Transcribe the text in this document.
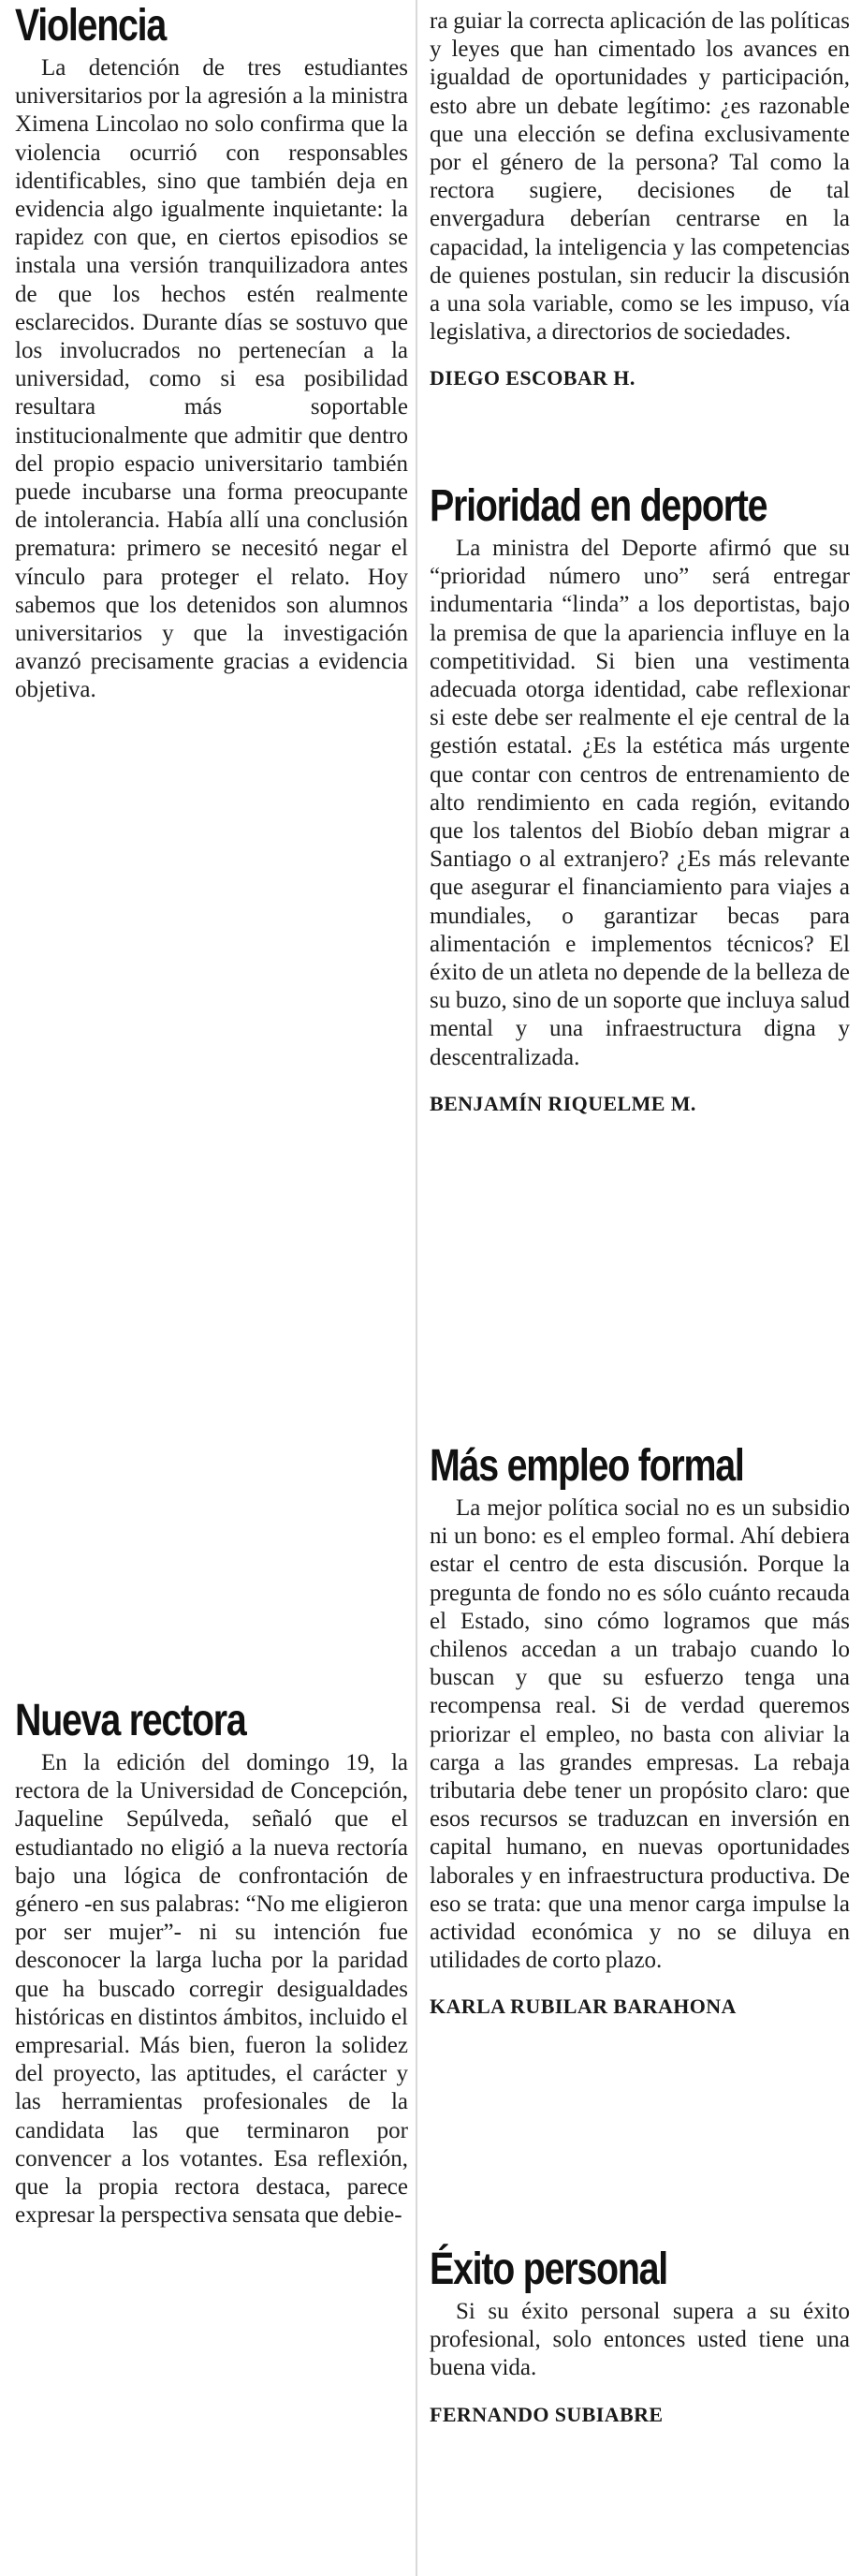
Violencia

La detención de tres estudiantes universitarios por la agresión a la ministra Ximena Lincolao no solo confirma que la violencia ocurrió con responsables identificables, sino que también deja en evidencia algo igualmente inquietante: la rapidez con que, en ciertos episodios se instala una versión tranquilizadora antes de que los hechos estén realmente esclarecidos. Durante días se sostuvo que los involucrados no pertenecían a la universidad, como si esa posibilidad resultara más soportable institucionalmente que admitir que dentro del propio espacio universitario también puede incubarse una forma preocupante de intolerancia. Había allí una conclusión prematura: primero se necesitó negar el vínculo para proteger el relato. Hoy sabemos que los detenidos son alumnos universitarios y que la investigación avanzó precisamente gracias a evidencia objetiva.

Nueva rectora

En la edición del domingo 19, la rectora de la Universidad de Concepción, Jaqueline Sepúlveda, señaló que el estudiantado no eligió a la nueva rectoría bajo una lógica de confrontación de género -en sus palabras: “No me eligieron por ser mujer”- ni su intención fue desconocer la larga lucha por la paridad que ha buscado corregir desigualdades históricas en distintos ámbitos, incluido el empresarial. Más bien, fueron la solidez del proyecto, las aptitudes, el carácter y las herramientas profesionales de la candidata las que terminaron por convencer a los votantes. Esa reflexión, que la propia rectora destaca, parece expresar la perspectiva sensata que debie-

ra guiar la correcta aplicación de las políticas y leyes que han cimentado los avances en igualdad de oportunidades y participación, esto abre un debate legítimo: ¿es razonable que una elección se defina exclusivamente por el género de la persona? Tal como la rectora sugiere, decisiones de tal envergadura deberían centrarse en la capacidad, la inteligencia y las competencias de quienes postulan, sin reducir la discusión a una sola variable, como se les impuso, vía legislativa, a directorios de sociedades.

DIEGO ESCOBAR H.

Prioridad en deporte

La ministra del Deporte afirmó que su “prioridad número uno” será entregar indumentaria “linda” a los deportistas, bajo la premisa de que la apariencia influye en la competitividad. Si bien una vestimenta adecuada otorga identidad, cabe reflexionar si este debe ser realmente el eje central de la gestión estatal. ¿Es la estética más urgente que contar con centros de entrenamiento de alto rendimiento en cada región, evitando que los talentos del Biobío deban migrar a Santiago o al extranjero? ¿Es más relevante que asegurar el financiamiento para viajes a mundiales, o garantizar becas para alimentación e implementos técnicos? El éxito de un atleta no depende de la belleza de su buzo, sino de un soporte que incluya salud mental y una infraestructura digna y descentralizada.

BENJAMÍN RIQUELME M.

Más empleo formal

La mejor política social no es un subsidio ni un bono: es el empleo formal. Ahí debiera estar el centro de esta discusión. Porque la pregunta de fondo no es sólo cuánto recauda el Estado, sino cómo logramos que más chilenos accedan a un trabajo cuando lo buscan y que su esfuerzo tenga una recompensa real. Si de verdad queremos priorizar el empleo, no basta con aliviar la carga a las grandes empresas. La rebaja tributaria debe tener un propósito claro: que esos recursos se traduzcan en inversión en capital humano, en nuevas oportunidades laborales y en infraestructura productiva. De eso se trata: que una menor carga impulse la actividad económica y no se diluya en utilidades de corto plazo.

KARLA RUBILAR BARAHONA

Éxito personal

Si su éxito personal supera a su éxito profesional, solo entonces usted tiene una buena vida.

FERNANDO SUBIABRE
